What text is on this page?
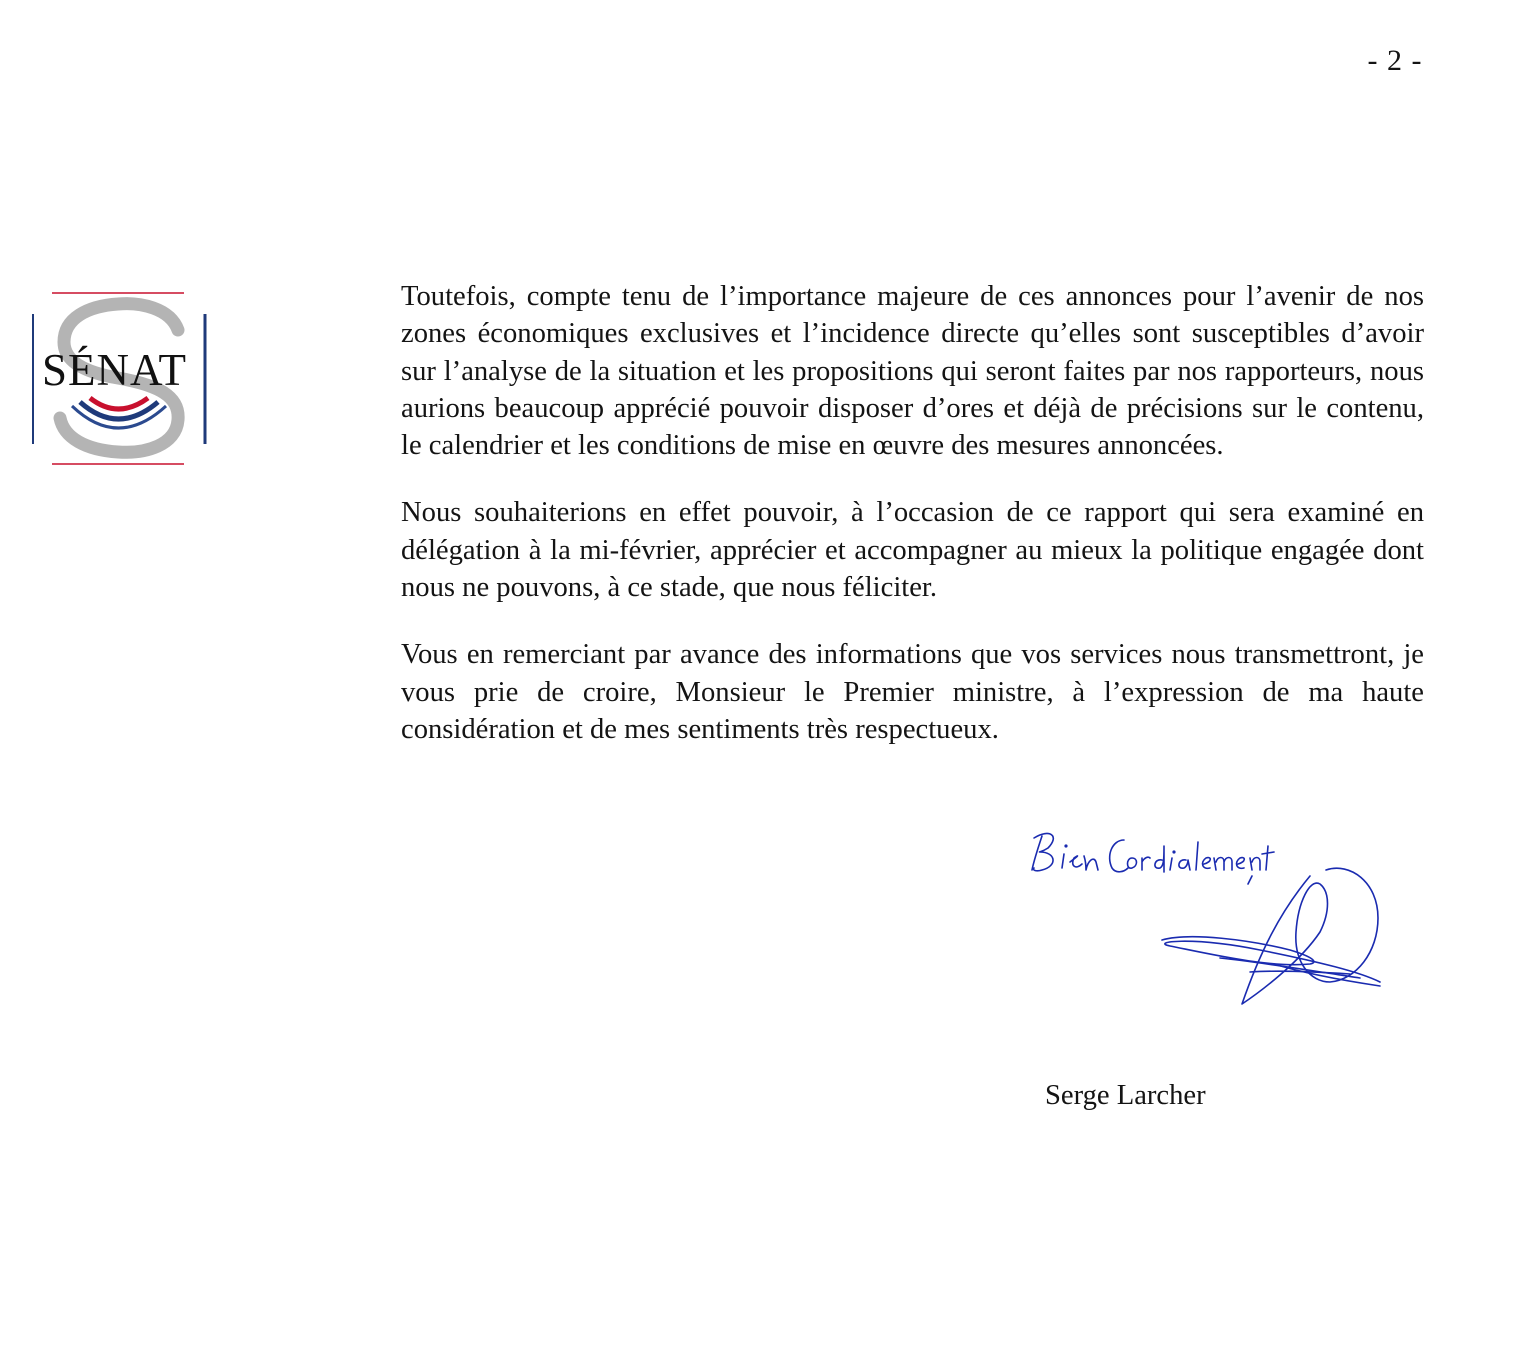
- 2 -
SÉNAT

Toutefois, compte tenu de l’importance majeure de ces annonces pour l’avenir de nos zones économiques exclusives et l’incidence directe qu’elles sont susceptibles d’avoir sur l’analyse de la situation et les propositions qui seront faites par nos rapporteurs, nous aurions beaucoup apprécié pouvoir disposer d’ores et déjà de précisions sur le contenu, le calendrier et les conditions de mise en œuvre des mesures annoncées.

Nous souhaiterions en effet pouvoir, à l’occasion de ce rapport qui sera examiné en délégation à la mi-février, apprécier et accompagner au mieux la politique engagée dont nous ne pouvons, à ce stade, que nous féliciter.

Vous en remerciant par avance des informations que vos services nous transmettront, je vous prie de croire, Monsieur le Premier ministre, à l’expression de ma haute considération et de mes sentiments très respectueux.

Serge Larcher
